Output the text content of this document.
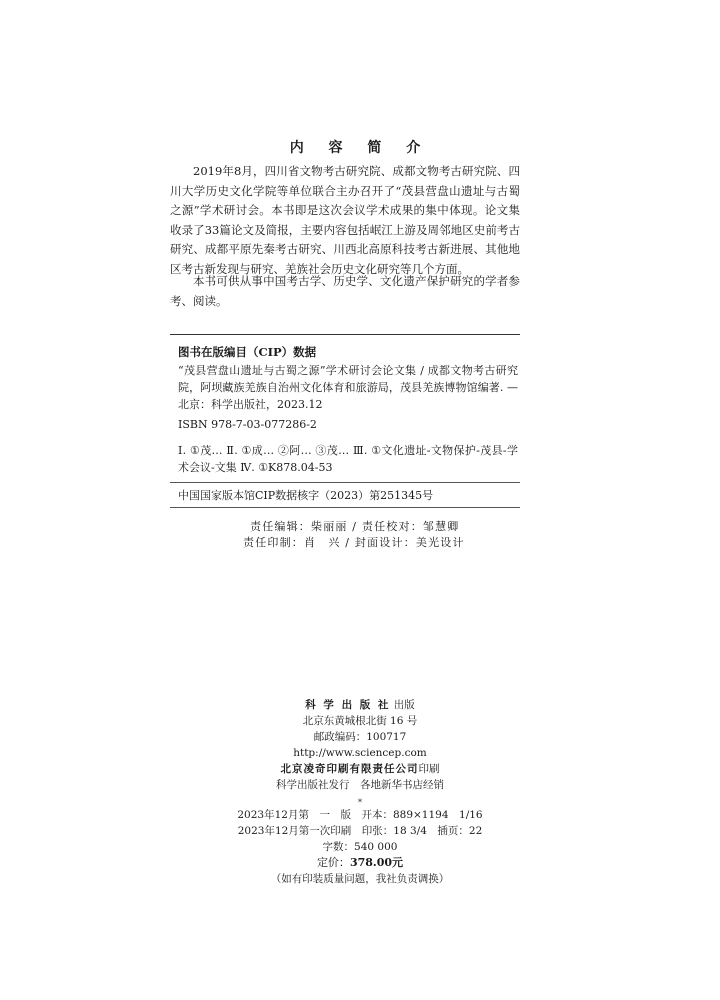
内 容 简 介

2019年8月，四川省文物考古研究院、成都文物考古研究院、四川大学历史文化学院等单位联合主办召开了“茂县营盘山遗址与古蜀之源”学术研讨会。本书即是这次会议学术成果的集中体现。论文集收录了33篇论文及简报，主要内容包括岷江上游及周邻地区史前考古研究、成都平原先秦考古研究、川西北高原科技考古新进展、其他地区考古新发现与研究、羌族社会历史文化研究等几个方面。

本书可供从事中国考古学、历史学、文化遗产保护研究的学者参考、阅读。

图书在版编目（CIP）数据

“茂县营盘山遗址与古蜀之源”学术研讨会论文集 / 成都文物考古研究院，阿坝藏族羌族自治州文化体育和旅游局，茂县羌族博物馆编著. —北京：科学出版社，2023.12

ISBN 978-7-03-077286-2

Ⅰ. ①茂… Ⅱ. ①成… ②阿… ③茂… Ⅲ. ①文化遗址-文物保护-茂县-学术会议-文集 Ⅳ. ①K878.04-53

中国国家版本馆CIP数据核字（2023）第251345号
责任编辑：柴丽丽 / 责任校对：邹慧卿
责任印制：肖　兴 / 封面设计：美光设计
科 学 出 版 社 出版
北京东黄城根北街 16 号
邮政编码：100717
http://www.sciencep.com
北京凌奇印刷有限责任公司印刷
科学出版社发行　各地新华书店经销
*
2023年12月第　一　版　开本：889×1194　1/16
2023年12月第一次印刷　印张：18 3/4　插页：22
字数：540 000
定价：378.00元
（如有印装质量问题，我社负责调换）
